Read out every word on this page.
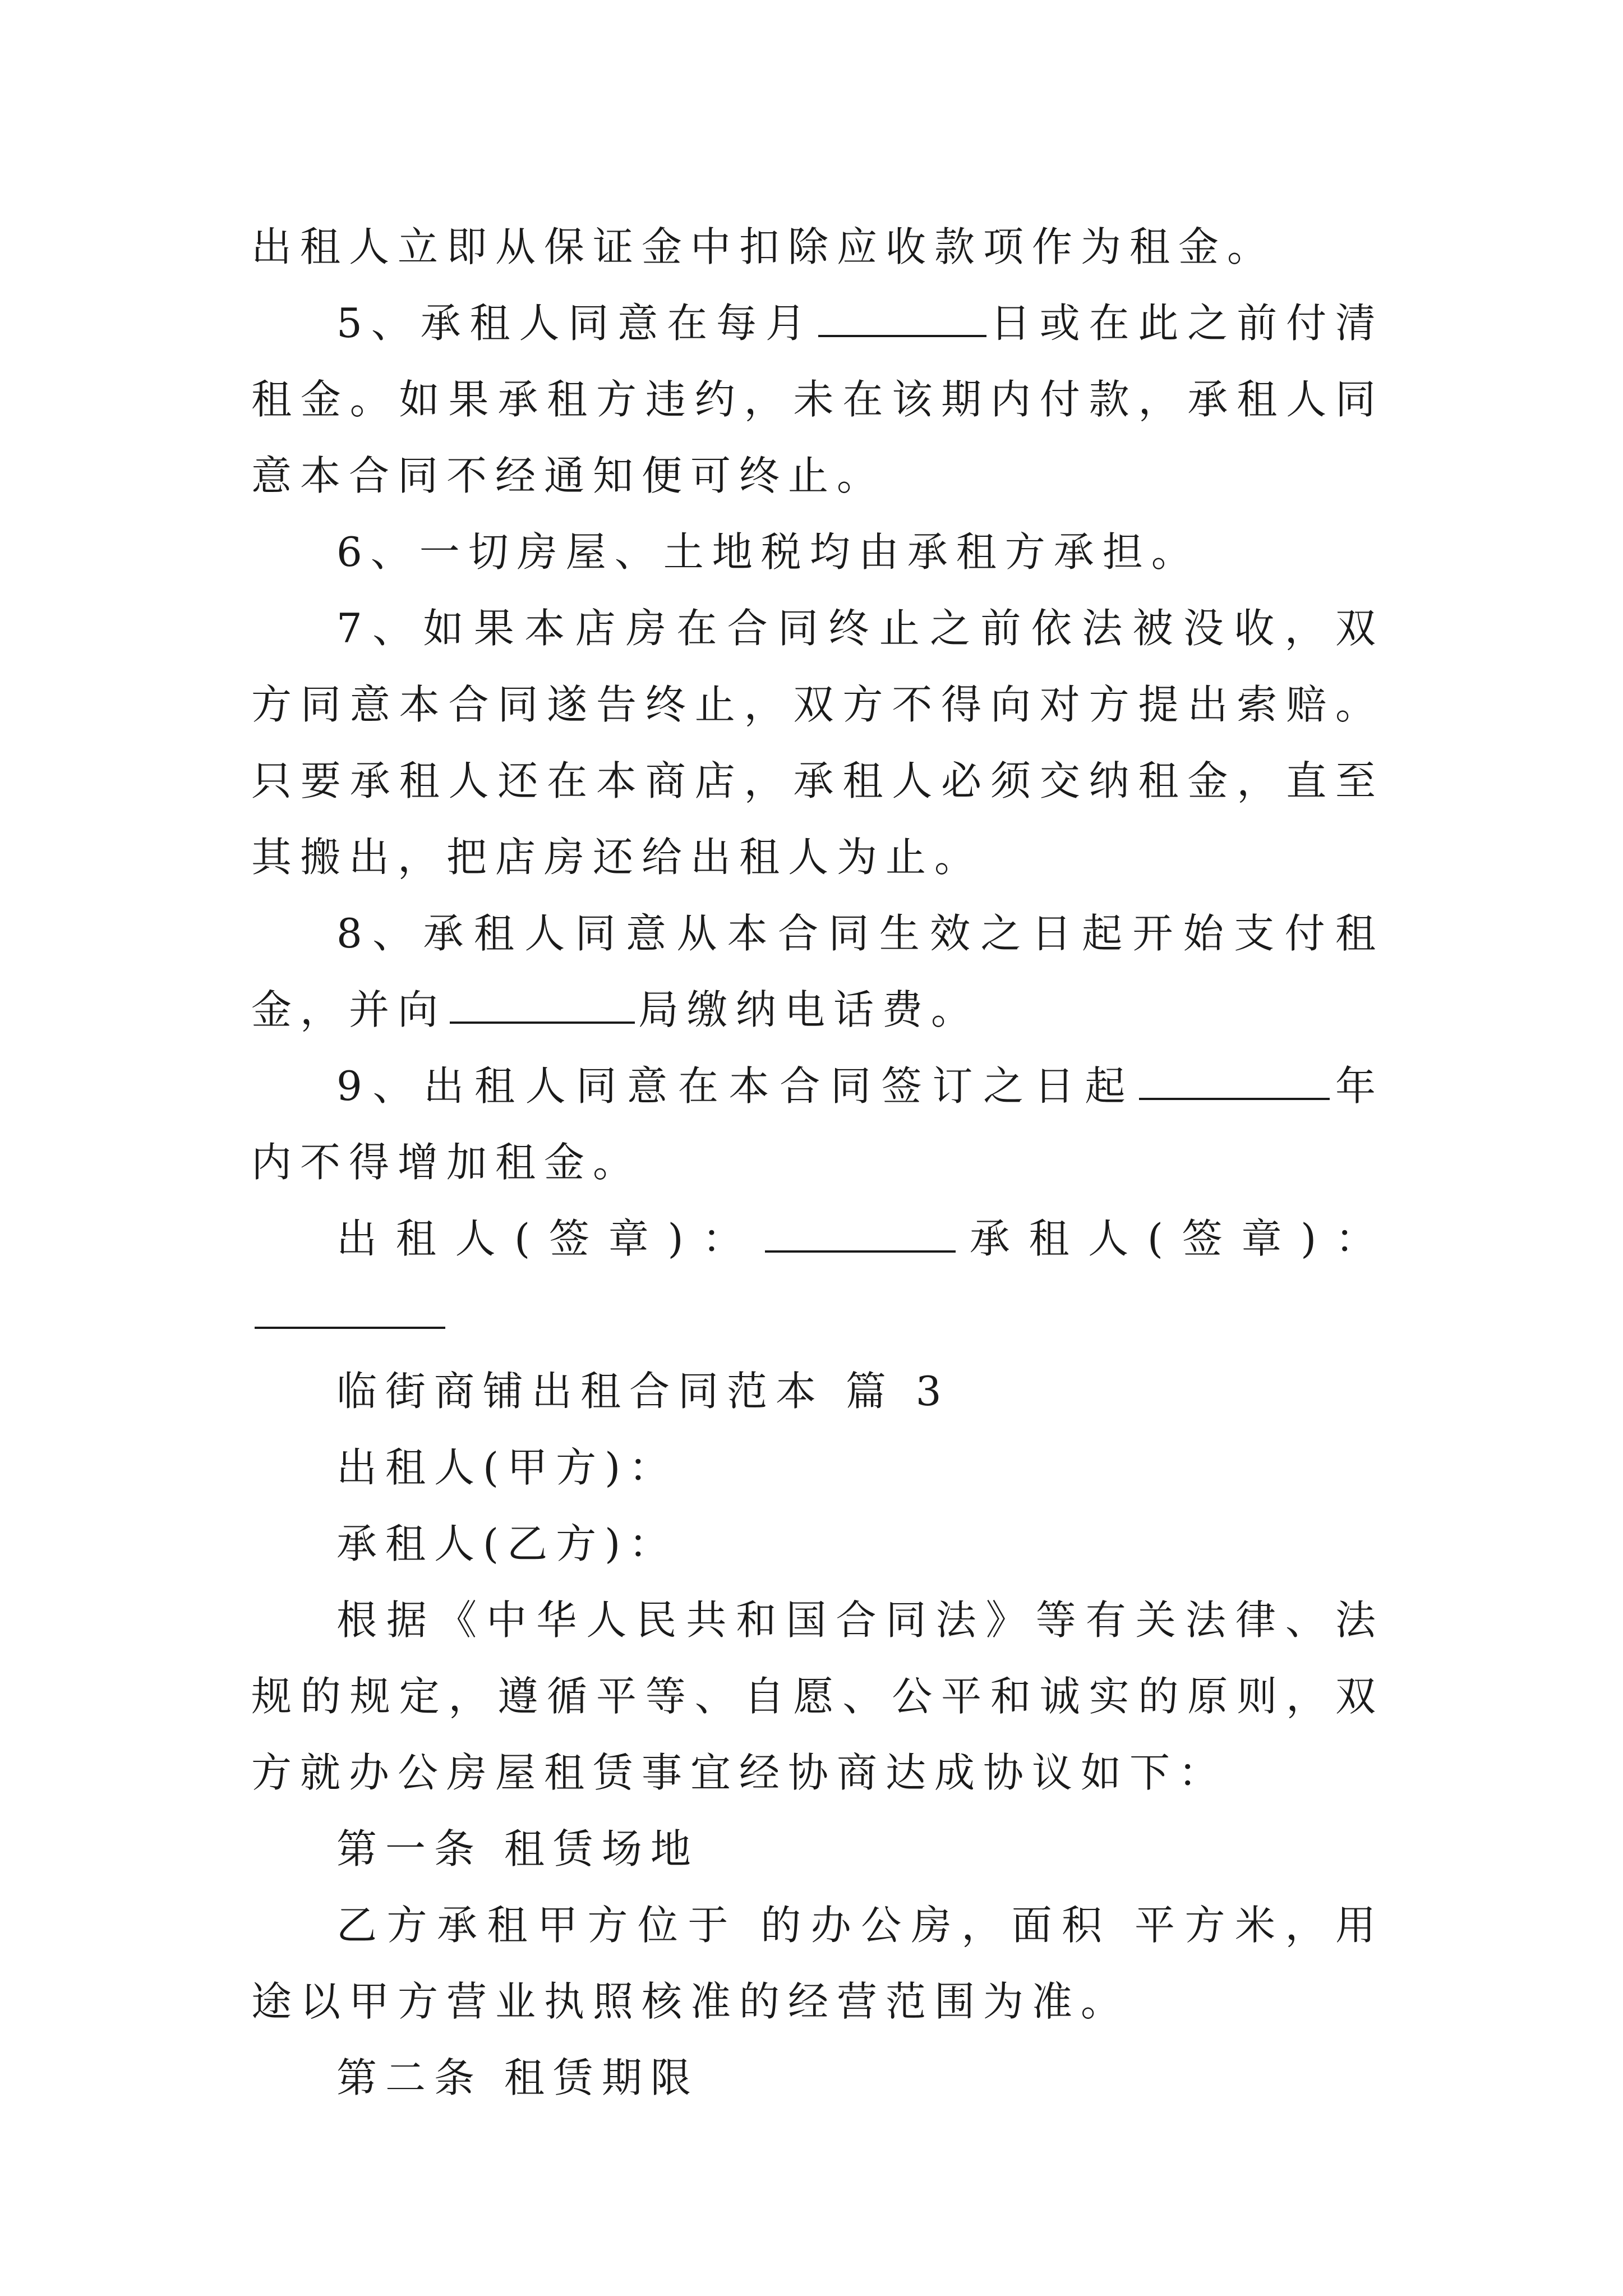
出租人立即从保证金中扣除应收款项作为租金。

5、承租人同意在每月	日或在此之前付清租金。如果承租方违约，未在该期内付款，承租人同意本合同不经通知便可终止。

6、一切房屋、土地税均由承租方承担。

7、如果本店房在合同终止之前依法被没收，双方同意本合同遂告终止，双方不得向对方提出索赔。只要承租人还在本商店，承租人必须交纳租金，直至其搬出，把店房还给出租人为止。

8、承租人同意从本合同生效之日起开始支付租金，并向	局缴纳电话费。

9、出租人同意在本合同签订之日起	年内不得增加租金。

出租人(签章)：	承租人(签章)：

临街商铺出租合同范本 篇 3

出租人(甲方)：

承租人(乙方)：

根据《中华人民共和国合同法》等有关法律、法规的规定，遵循平等、自愿、公平和诚实的原则，双方就办公房屋租赁事宜经协商达成协议如下：

第一条 租赁场地

乙方承租甲方位于 的办公房，面积 平方米，用途以甲方营业执照核准的经营范围为准。

第二条 租赁期限
